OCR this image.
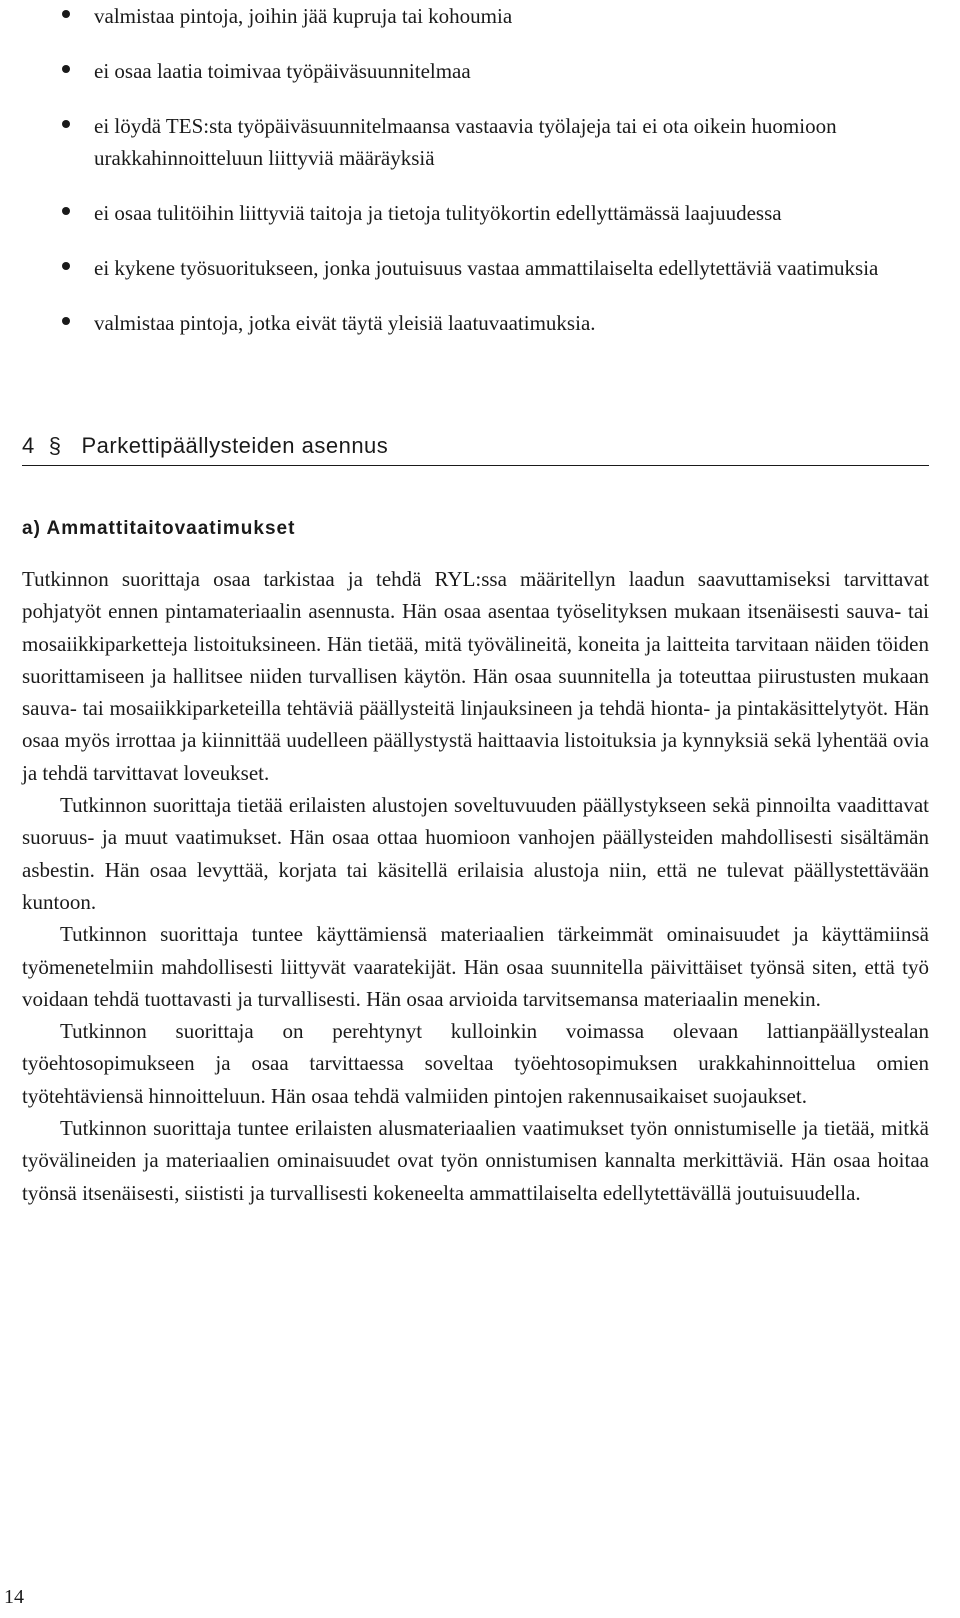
valmistaa pintoja, joihin jää kupruja tai kohoumia
ei osaa laatia toimivaa työpäiväsuunnitelmaa
ei löydä TES:sta työpäiväsuunnitelmaansa vastaavia työlajeja tai ei ota oikein huomioon urakkahinnoitteluun liittyviä määräyksiä
ei osaa tulitöihin liittyviä taitoja ja tietoja tulityökortin edellyttämässä laajuudessa
ei kykene työsuoritukseen, jonka joutuisuus vastaa ammattilaiselta edellytettäviä vaatimuksia
valmistaa pintoja, jotka eivät täytä yleisiä laatuvaatimuksia.
4 § Parkettipäällysteiden asennus
a) Ammattitaitovaatimukset

Tutkinnon suorittaja osaa tarkistaa ja tehdä RYL:ssa määritellyn laadun saavuttamiseksi tarvittavat pohjatyöt ennen pintamateriaalin asennusta. Hän osaa asentaa työselityksen mukaan itsenäisesti sauva- tai mosaiikkiparketteja listoituksineen. Hän tietää, mitä työvälineitä, koneita ja laitteita tarvitaan näiden töiden suorittamiseen ja hallitsee niiden turvallisen käytön. Hän osaa suunnitella ja toteuttaa piirustusten mukaan sauva- tai mosaiikkiparketeilla tehtäviä päällysteitä linjauksineen ja tehdä hionta- ja pintakäsittelytyöt. Hän osaa myös irrottaa ja kiinnittää uudelleen päällystystä haittaavia listoituksia ja kynnyksiä sekä lyhentää ovia ja tehdä tarvittavat loveukset.

Tutkinnon suorittaja tietää erilaisten alustojen soveltuvuuden päällystykseen sekä pinnoilta vaadittavat suoruus- ja muut vaatimukset. Hän osaa ottaa huomioon vanhojen päällysteiden mahdollisesti sisältämän asbestin. Hän osaa levyttää, korjata tai käsitellä erilaisia alustoja niin, että ne tulevat päällystettävään kuntoon.

Tutkinnon suorittaja tuntee käyttämiensä materiaalien tärkeimmät ominaisuudet ja käyttämiinsä työmenetelmiin mahdollisesti liittyvät vaaratekijät. Hän osaa suunnitella päivittäiset työnsä siten, että työ voidaan tehdä tuottavasti ja turvallisesti. Hän osaa arvioida tarvitsemansa materiaalin menekin.

Tutkinnon suorittaja on perehtynyt kulloinkin voimassa olevaan lattianpäällystealan työehtosopimukseen ja osaa tarvittaessa soveltaa työehtosopimuksen urakkahinnoittelua omien työtehtäviensä hinnoitteluun. Hän osaa tehdä valmiiden pintojen rakennusaikaiset suojaukset.

Tutkinnon suorittaja tuntee erilaisten alusmateriaalien vaatimukset työn onnistumiselle ja tietää, mitkä työvälineiden ja materiaalien ominaisuudet ovat työn onnistumisen kannalta merkittäviä. Hän osaa hoitaa työnsä itsenäisesti, siististi ja turvallisesti kokeneelta ammattilaiselta edellytettävällä joutuisuudella.

14
